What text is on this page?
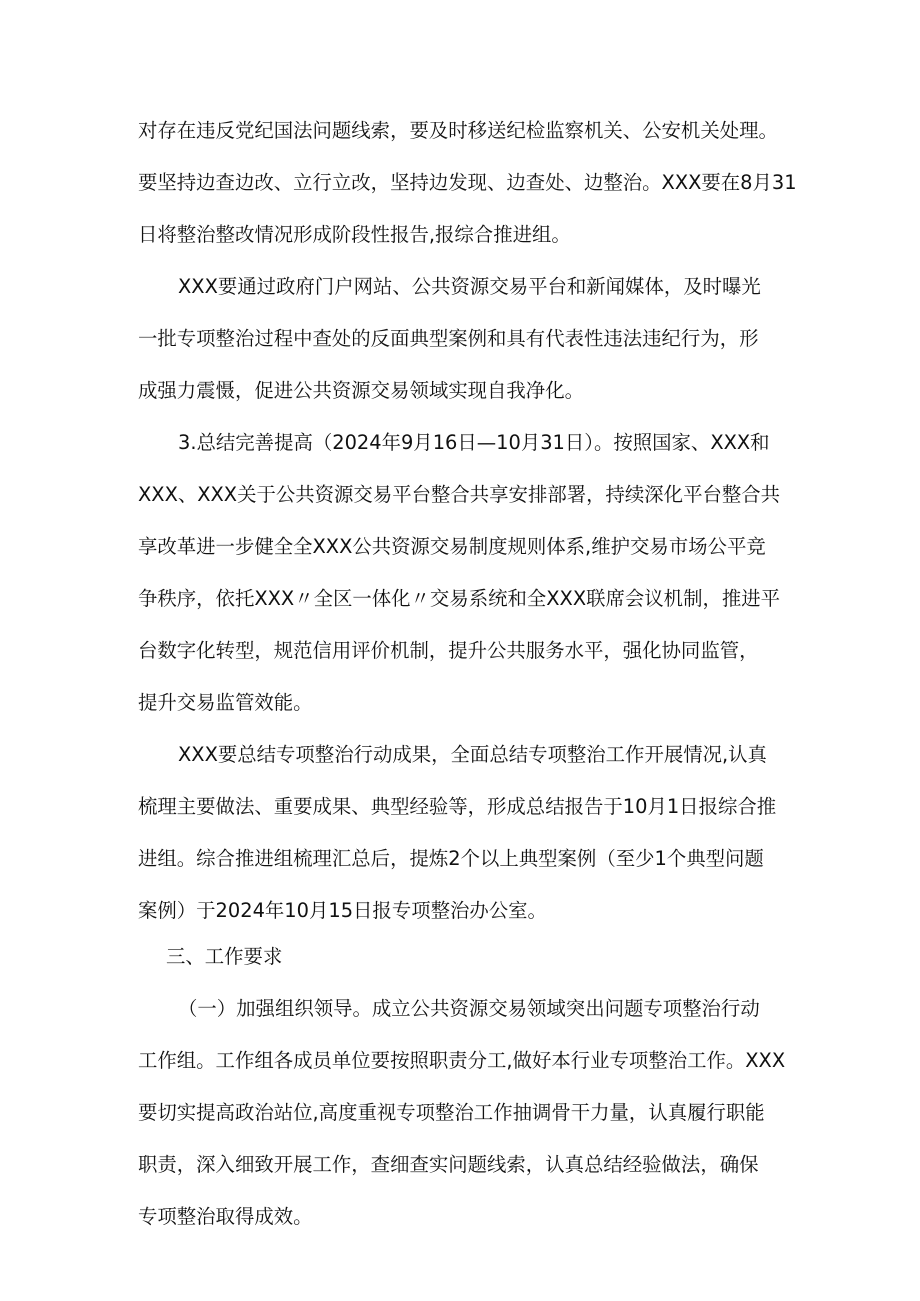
对存在违反党纪国法问题线索，要及时移送纪检监察机关、公安机关处理。

要坚持边查边改、立行立改，坚持边发现、边查处、边整治。XXX要在8月31

日将整治整改情况形成阶段性报告,报综合推进组。

XXX要通过政府门户网站、公共资源交易平台和新闻媒体，及时曝光

一批专项整治过程中查处的反面典型案例和具有代表性违法违纪行为，形

成强力震慑，促进公共资源交易领域实现自我净化。

3.总结完善提高（2024年9月16日—10月31日）。按照国家、XXX和

XXX、XXX关于公共资源交易平台整合共享安排部署，持续深化平台整合共

享改革进一步健全全XXX公共资源交易制度规则体系,维护交易市场公平竞

争秩序，依托XXX〃全区一体化〃交易系统和全XXX联席会议机制，推进平

台数字化转型，规范信用评价机制，提升公共服务水平，强化协同监管，

提升交易监管效能。

XXX要总结专项整治行动成果，全面总结专项整治工作开展情况,认真

梳理主要做法、重要成果、典型经验等，形成总结报告于10月1日报综合推

进组。综合推进组梳理汇总后，提炼2个以上典型案例（至少1个典型问题

案例）于2024年10月15日报专项整治办公室。

三、工作要求

（一）加强组织领导。成立公共资源交易领域突出问题专项整治行动

工作组。工作组各成员单位要按照职责分工,做好本行业专项整治工作。XXX

要切实提高政治站位,高度重视专项整治工作抽调骨干力量，认真履行职能

职责，深入细致开展工作，查细查实问题线索，认真总结经验做法，确保

专项整治取得成效。
